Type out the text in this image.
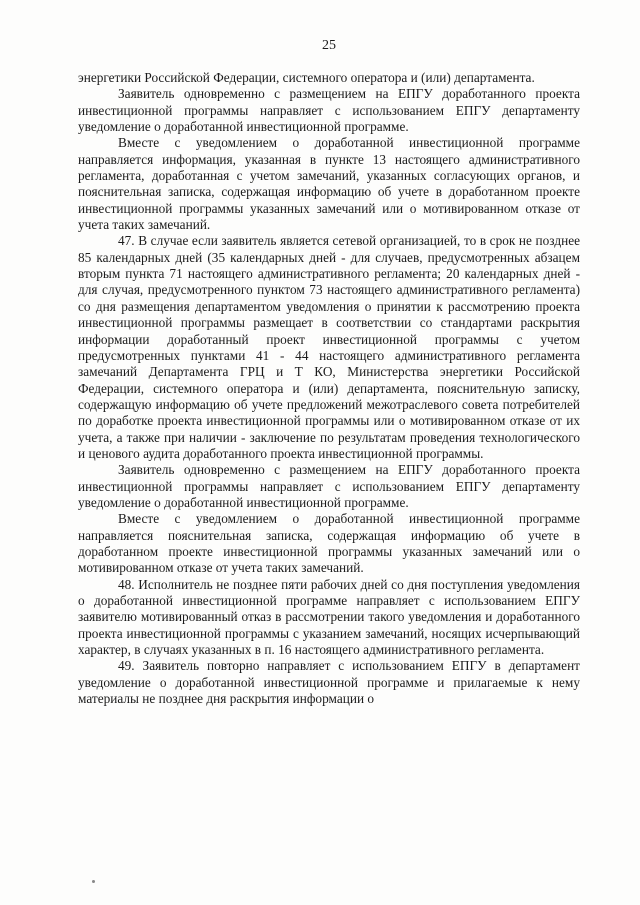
25

энергетики Российской Федерации, системного оператора и (или) департамента.

Заявитель одновременно с размещением на ЕПГУ доработанного проекта инвестиционной программы направляет с использованием ЕПГУ департаменту уведомление о доработанной инвестиционной программе.

Вместе с уведомлением о доработанной инвестиционной программе направляется информация, указанная в пункте 13 настоящего административного регламента, доработанная с учетом замечаний, указанных согласующих органов, и пояснительная записка, содержащая информацию об учете в доработанном проекте инвестиционной программы указанных замечаний или о мотивированном отказе от учета таких замечаний.

47. В случае если заявитель является сетевой организацией, то в срок не позднее 85 календарных дней (35 календарных дней - для случаев, предусмотренных абзацем вторым пункта 71 настоящего административного регламента; 20 календарных дней - для случая, предусмотренного пунктом 73 настоящего административного регламента) со дня размещения департаментом уведомления о принятии к рассмотрению проекта инвестиционной программы размещает в соответствии со стандартами раскрытия информации доработанный проект инвестиционной программы с учетом предусмотренных пунктами 41 - 44 настоящего административного регламента замечаний Департамента ГРЦ и Т КО, Министерства энергетики Российской Федерации, системного оператора и (или) департамента, пояснительную записку, содержащую информацию об учете предложений межотраслевого совета потребителей по доработке проекта инвестиционной программы или о мотивированном отказе от их учета, а также при наличии - заключение по результатам проведения технологического и ценового аудита доработанного проекта инвестиционной программы.

Заявитель одновременно с размещением на ЕПГУ доработанного проекта инвестиционной программы направляет с использованием ЕПГУ департаменту уведомление о доработанной инвестиционной программе.

Вместе с уведомлением о доработанной инвестиционной программе направляется пояснительная записка, содержащая информацию об учете в доработанном проекте инвестиционной программы указанных замечаний или о мотивированном отказе от учета таких замечаний.

48. Исполнитель не позднее пяти рабочих дней со дня поступления уведомления о доработанной инвестиционной программе направляет с использованием ЕПГУ заявителю мотивированный отказ в рассмотрении такого уведомления и доработанного проекта инвестиционной программы с указанием замечаний, носящих исчерпывающий характер, в случаях указанных в п. 16 настоящего административного регламента.

49. Заявитель повторно направляет с использованием ЕПГУ в департамент уведомление о доработанной инвестиционной программе и прилагаемые к нему материалы не позднее дня раскрытия информации о
